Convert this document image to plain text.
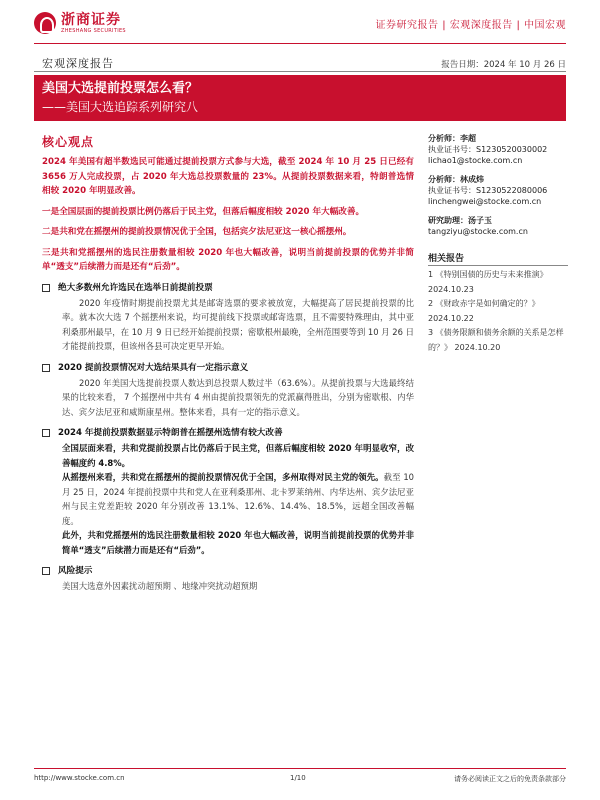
浙商证券
ZHESHANG SECURITIES	证券研究报告 | 宏观深度报告 | 中国宏观
宏观深度报告	报告日期：2024 年 10 月 26 日
美国大选提前投票怎么看？
——美国大选追踪系列研究八
核心观点

2024 年美国有超半数选民可能通过提前投票方式参与大选，截至 2024 年 10 月 25 日已经有 3656 万人完成投票，占 2020 年大选总投票数量的 23%。从提前投票数据来看，特朗普选情相较 2020 年明显改善。

一是全国层面的提前投票比例仍落后于民主党，但落后幅度相较 2020 年大幅改善。

二是共和党在摇摆州的提前投票情况优于全国，包括宾夕法尼亚这一核心摇摆州。

三是共和党摇摆州的选民注册数量相较 2020 年也大幅改善，说明当前提前投票的优势并非简单“透支”后续潜力而是还有“后劲”。

绝大多数州允许选民在选举日前提前投票

2020 年疫情时期提前投票尤其是邮寄选票的要求被放宽，大幅提高了居民提前投票的比率。就本次大选 7 个摇摆州来说，均可提前线下投票或邮寄选票，且不需要特殊理由，其中亚利桑那州最早，在 10 月 9 日已经开始提前投票；密歇根州最晚，全州范围要等到 10 月 26 日才能提前投票，但该州各县可决定更早开始。

2020 提前投票情况对大选结果具有一定指示意义

2020 年美国大选提前投票人数达到总投票人数过半（63.6%）。从提前投票与大选最终结果的比较来看， 7 个摇摆州中共有 4 州由提前投票领先的党派赢得胜出，分别为密歇根、内华达、宾夕法尼亚和威斯康星州。整体来看，具有一定的指示意义。

2024 年提前投票数据显示特朗普在摇摆州选情有较大改善

全国层面来看，共和党提前投票占比仍落后于民主党，但落后幅度相较 2020 年明显收窄，改善幅度约 4.8%。

从摇摆州来看，共和党在摇摆州的提前投票情况优于全国，多州取得对民主党的领先。截至 10 月 25 日，2024 年提前投票中共和党人在亚利桑那州、北卡罗莱纳州、内华达州、宾夕法尼亚州与民主党差距较 2020 年分别改善 13.1%、12.6%、14.4%、18.5%，远超全国改善幅度。

此外，共和党摇摆州的选民注册数量相较 2020 年也大幅改善，说明当前提前投票的优势并非简单“透支”后续潜力而是还有“后劲”。

风险提示

美国大选意外因素扰动超预期 、地缘冲突扰动超预期

分析师：李超
执业证书号：S1230520030002
lichao1@stocke.com.cn
分析师：林成炜
执业证书号：S1230522080006
linchengwei@stocke.com.cn
研究助理：汤子玉
tangziyu@stocke.com.cn
相关报告
1 《特别国债的历史与未来推演》 2024.10.23
2 《财政赤字是如何确定的？》 2024.10.22
3 《债务限额和债务余额的关系是怎样的？》 2024.10.20
http://www.stocke.com.cn	1/10	请务必阅读正文之后的免责条款部分
